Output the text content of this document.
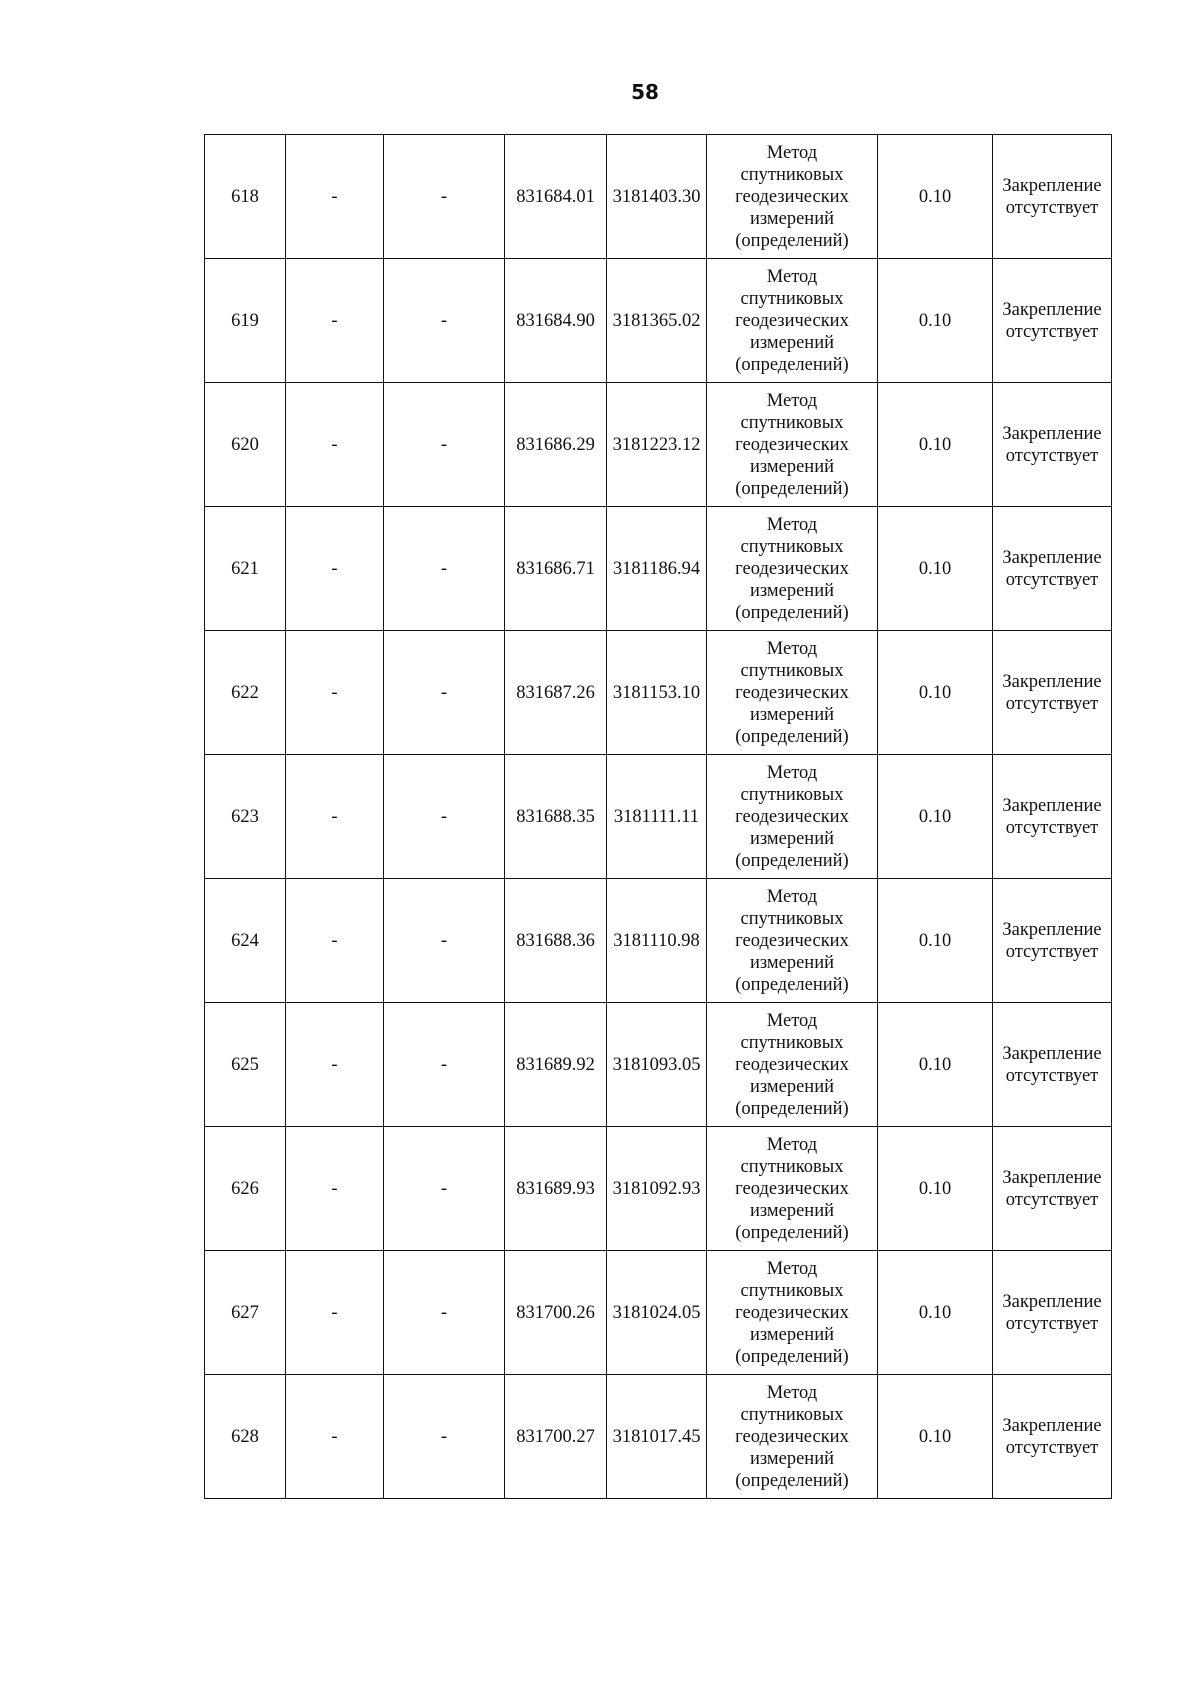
58
618	-	-	831684.01	3181403.30	Метод
спутниковых
геодезических
измерений
(определений)	0.10	Закрепление
отсутствует

619	-	-	831684.90	3181365.02	Метод
спутниковых
геодезических
измерений
(определений)	0.10	Закрепление
отсутствует

620	-	-	831686.29	3181223.12	Метод
спутниковых
геодезических
измерений
(определений)	0.10	Закрепление
отсутствует

621	-	-	831686.71	3181186.94	Метод
спутниковых
геодезических
измерений
(определений)	0.10	Закрепление
отсутствует

622	-	-	831687.26	3181153.10	Метод
спутниковых
геодезических
измерений
(определений)	0.10	Закрепление
отсутствует

623	-	-	831688.35	3181111.11	Метод
спутниковых
геодезических
измерений
(определений)	0.10	Закрепление
отсутствует

624	-	-	831688.36	3181110.98	Метод
спутниковых
геодезических
измерений
(определений)	0.10	Закрепление
отсутствует

625	-	-	831689.92	3181093.05	Метод
спутниковых
геодезических
измерений
(определений)	0.10	Закрепление
отсутствует

626	-	-	831689.93	3181092.93	Метод
спутниковых
геодезических
измерений
(определений)	0.10	Закрепление
отсутствует

627	-	-	831700.26	3181024.05	Метод
спутниковых
геодезических
измерений
(определений)	0.10	Закрепление
отсутствует

628	-	-	831700.27	3181017.45	Метод
спутниковых
геодезических
измерений
(определений)	0.10	Закрепление
отсутствует
